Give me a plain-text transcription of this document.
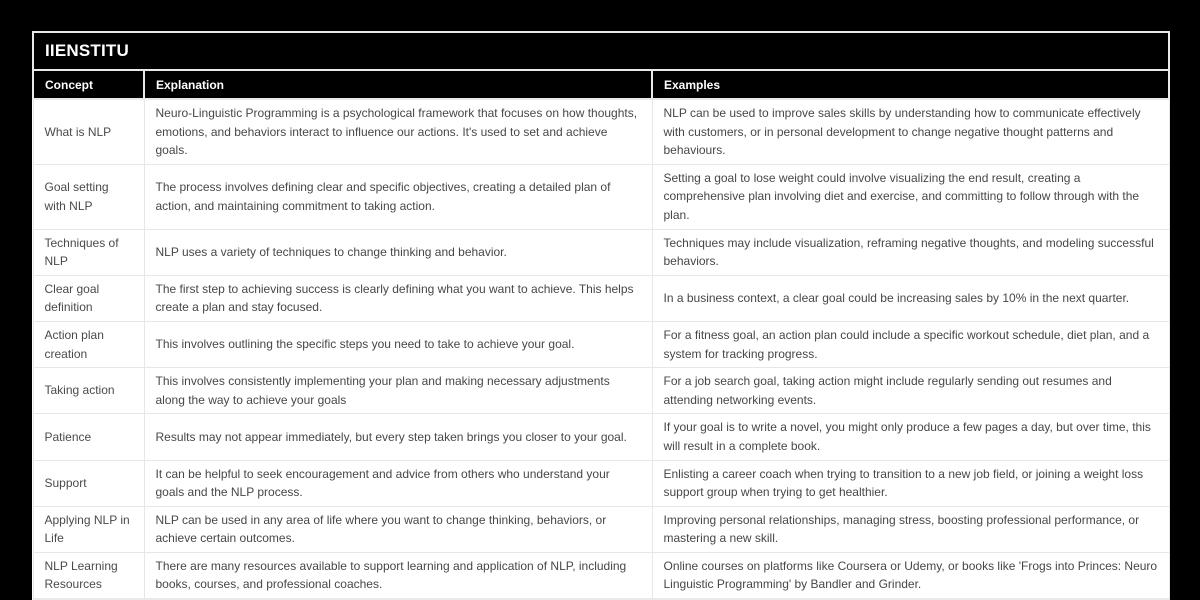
IIENSTITU		
Concept	Explanation	Examples
What is NLP	Neuro-Linguistic Programming is a psychological framework that focuses on how thoughts, emotions, and behaviors interact to influence our actions. It's used to set and achieve goals.	NLP can be used to improve sales skills by understanding how to communicate effectively with customers, or in personal development to change negative thought patterns and behaviours.
Goal setting with NLP	The process involves defining clear and specific objectives, creating a detailed plan of action, and maintaining commitment to taking action.	Setting a goal to lose weight could involve visualizing the end result, creating a comprehensive plan involving diet and exercise, and committing to follow through with the plan.
Techniques of NLP	NLP uses a variety of techniques to change thinking and behavior.	Techniques may include visualization, reframing negative thoughts, and modeling successful behaviors.
Clear goal definition	The first step to achieving success is clearly defining what you want to achieve. This helps create a plan and stay focused.	In a business context, a clear goal could be increasing sales by 10% in the next quarter.
Action plan creation	This involves outlining the specific steps you need to take to achieve your goal.	For a fitness goal, an action plan could include a specific workout schedule, diet plan, and a system for tracking progress.
Taking action	This involves consistently implementing your plan and making necessary adjustments along the way to achieve your goals	For a job search goal, taking action might include regularly sending out resumes and attending networking events.
Patience	Results may not appear immediately, but every step taken brings you closer to your goal.	If your goal is to write a novel, you might only produce a few pages a day, but over time, this will result in a complete book.
Support	It can be helpful to seek encouragement and advice from others who understand your goals and the NLP process.	Enlisting a career coach when trying to transition to a new job field, or joining a weight loss support group when trying to get healthier.
Applying NLP in Life	NLP can be used in any area of life where you want to change thinking, behaviors, or achieve certain outcomes.	Improving personal relationships, managing stress, boosting professional performance, or mastering a new skill.
NLP Learning Resources	There are many resources available to support learning and application of NLP, including books, courses, and professional coaches.	Online courses on platforms like Coursera or Udemy, or books like 'Frogs into Princes: Neuro Linguistic Programming' by Bandler and Grinder.
